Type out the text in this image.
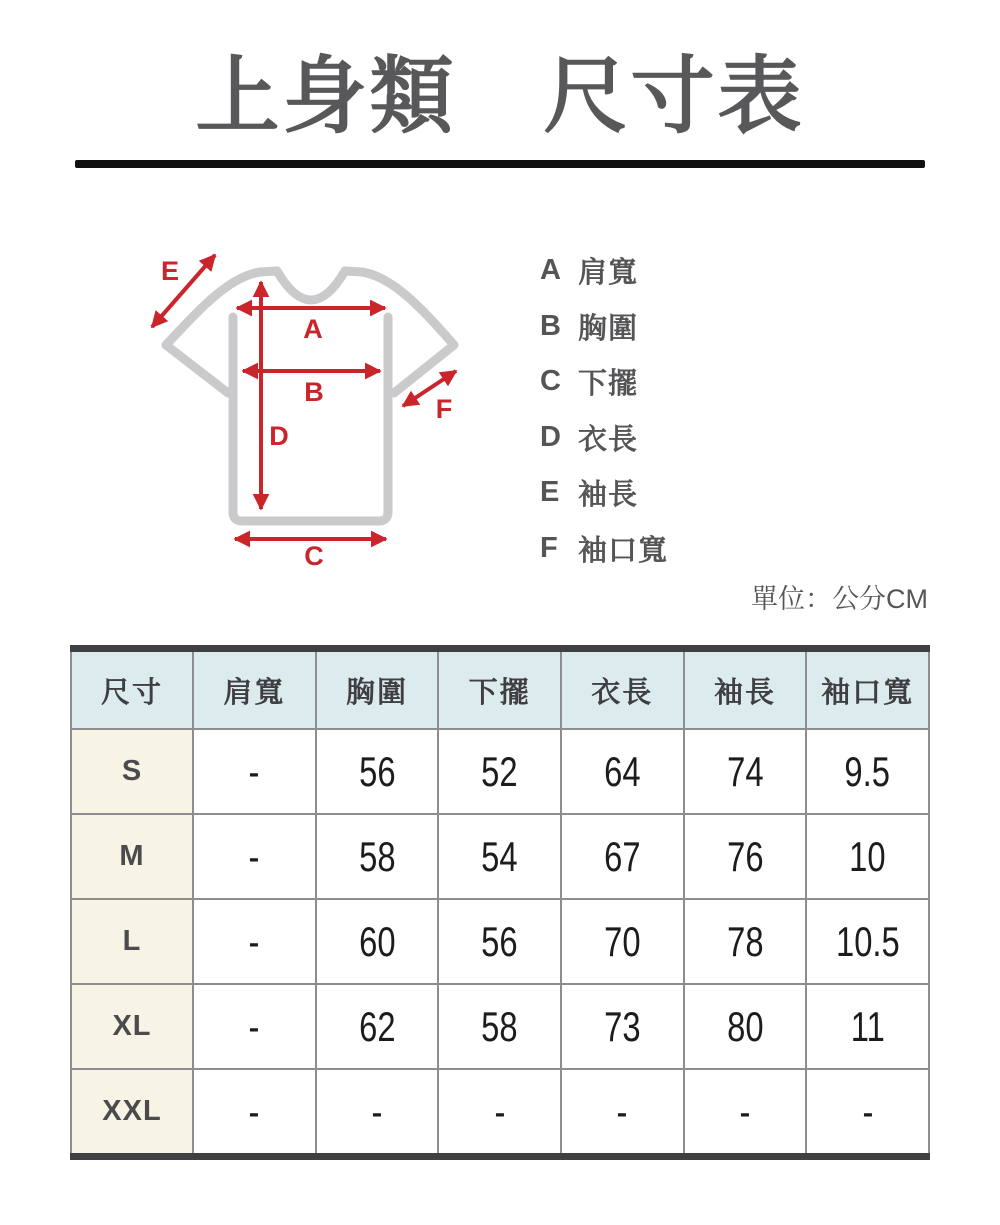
上身類　尺寸表
A
B
C
D
E
F
A 肩寬
B 胸圍
C 下擺
D 衣長
E 袖長
F 袖口寬
單位：公分CM
尺寸	肩寬	胸圍	下擺	衣長	袖長	袖口寬
S	-	56	52	64	74	9.5
M	-	58	54	67	76	10
L	-	60	56	70	78	10.5
XL	-	62	58	73	80	11
XXL	-	-	-	-	-	-
